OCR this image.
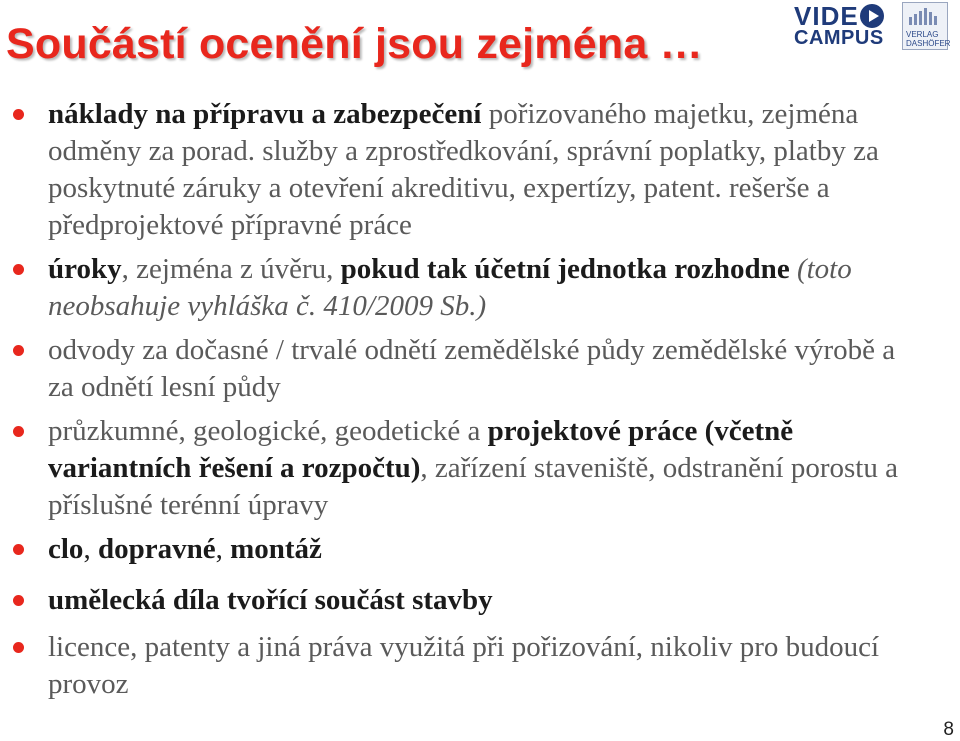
Součástí ocenění jsou zejména …
VIDE
CAMPUS	VERLAG
DASHÖFER
náklady na přípravu a zabezpečení pořizovaného majetku, zejména odměny za porad. služby a zprostředkování, správní poplatky, platby za poskytnuté záruky a otevření akreditivu, expertízy, patent. rešerše a předprojektové přípravné práce
úroky, zejména z úvěru, pokud tak účetní jednotka rozhodne (toto neobsahuje vyhláška č. 410/2009 Sb.)
odvody za dočasné / trvalé odnětí zemědělské půdy zemědělské výrobě a za odnětí lesní půdy
průzkumné, geologické, geodetické a projektové práce (včetně variantních řešení a rozpočtu), zařízení staveniště, odstranění porostu a příslušné terénní úpravy
clo, dopravné, montáž
umělecká díla tvořící součást stavby
licence, patenty a jiná práva využitá při pořizování, nikoliv pro budoucí provoz
8
